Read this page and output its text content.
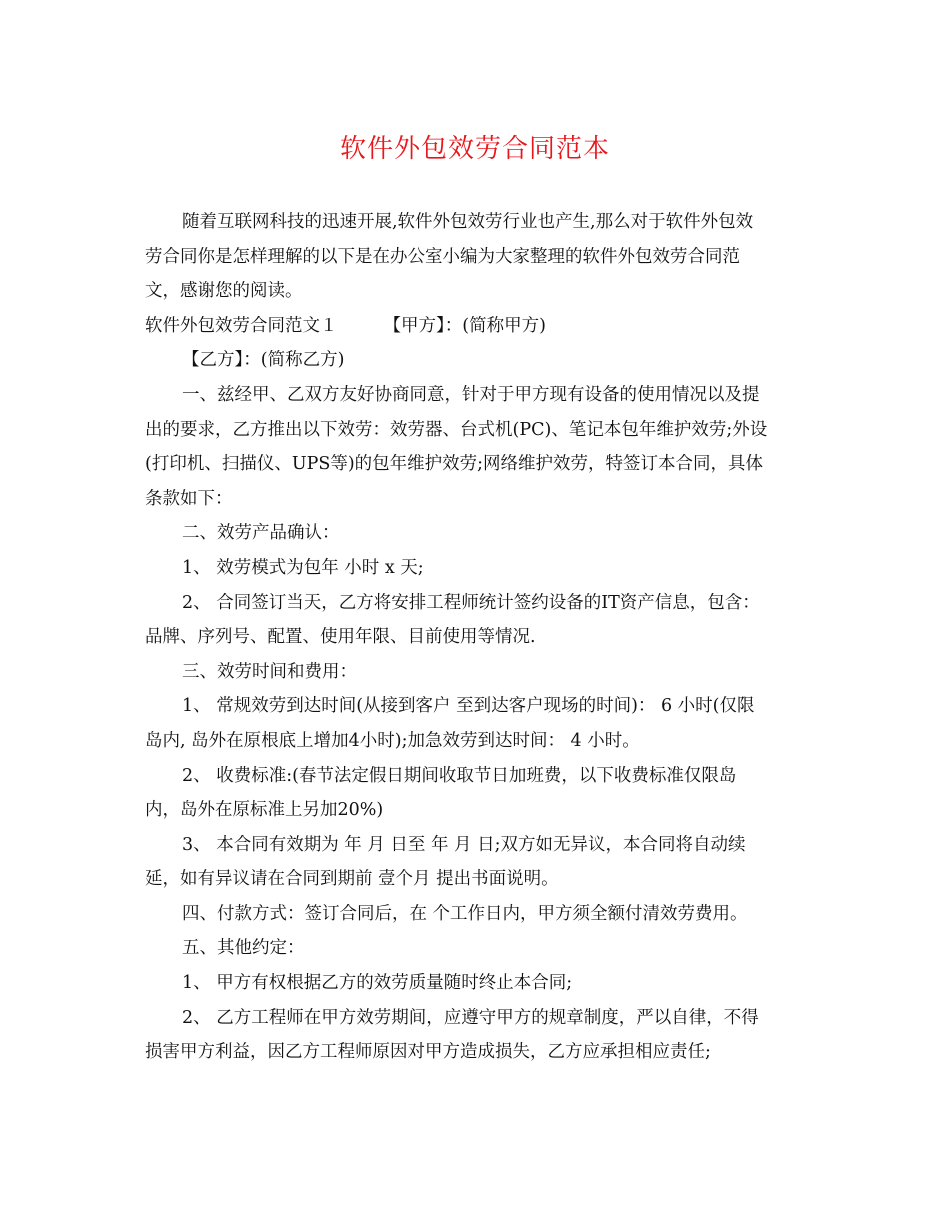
软件外包效劳合同范本

随着互联网科技的迅速开展,软件外包效劳行业也产生,那么对于软件外包效

劳合同你是怎样理解的以下是在办公室小编为大家整理的软件外包效劳合同范

文，感谢您的阅读。

软件外包效劳合同范文１	【甲方】：(简称甲方)

【乙方】：(简称乙方)

一、兹经甲、乙双方友好协商同意，针对于甲方现有设备的使用情况以及提

出的要求，乙方推出以下效劳：效劳器、台式机(PC)、笔记本包年维护效劳;外设

(打印机、扫描仪、UPS等)的包年维护效劳;网络维护效劳，特签订本合同，具体

条款如下：

二、效劳产品确认：

1、 效劳模式为包年 小时 x 天;

2、 合同签订当天，乙方将安排工程师统计签约设备的IT资产信息，包含：

品牌、序列号、配置、使用年限、目前使用等情况.

三、效劳时间和费用：

1、 常规效劳到达时间(从接到客户 至到达客户现场的时间)： 6 小时(仅限

岛内, 岛外在原根底上增加4小时);加急效劳到达时间： 4 小时。

2、 收费标准:(春节法定假日期间收取节日加班费，以下收费标准仅限岛

内，岛外在原标准上另加20%)

3、 本合同有效期为 年 月 日至 年 月 日;双方如无异议，本合同将自动续

延，如有异议请在合同到期前 壹个月 提出书面说明。

四、付款方式：签订合同后，在 个工作日内，甲方须全额付清效劳费用。

五、其他约定：

1、 甲方有权根据乙方的效劳质量随时终止本合同;

2、 乙方工程师在甲方效劳期间，应遵守甲方的规章制度，严以自律，不得

损害甲方利益，因乙方工程师原因对甲方造成损失，乙方应承担相应责任;
